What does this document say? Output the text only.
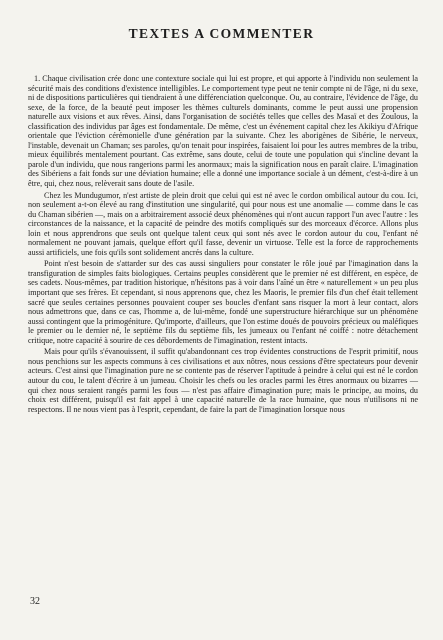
TEXTES A COMMENTER

1. Chaque civilisation crée donc une contexture sociale qui lui est propre, et qui apporte à l'individu non seulement la sécurité mais des conditions d'existence intelligibles. Le comportement type peut ne tenir compte ni de l'âge, ni du sexe, ni de dispositions particulières qui tiendraient à une différenciation quelconque. Ou, au contraire, l'évidence de l'âge, du sexe, de la force, de la beauté peut imposer les thèmes culturels dominants, comme le peut aussi une propension naturelle aux visions et aux rêves. Ainsi, dans l'organisation de sociétés telles que celles des Masaï et des Zoulous, la classification des individus par âges est fondamentale. De même, c'est un événement capital chez les Akikiyu d'Afrique orientale que l'éviction cérémonielle d'une génération par la suivante. Chez les aborigènes de Sibérie, le nerveux, l'instable, devenait un Chaman; ses paroles, qu'on tenait pour inspirées, faisaient loi pour les autres membres de la tribu, mieux équilibrés mentalement pourtant. Cas extrême, sans doute, celui de toute une population qui s'incline devant la parole d'un individu, que nous rangerions parmi les anormaux; mais la signification nous en paraît claire. L'imagination des Sibériens a fait fonds sur une déviation humaine; elle a donné une importance sociale à un dément, c'est-à-dire à un être, qui, chez nous, relèverait sans doute de l'asile.

Chez les Mundugumor, n'est artiste de plein droit que celui qui est né avec le cordon ombilical autour du cou. Ici, non seulement a-t-on élevé au rang d'institution une singularité, qui pour nous est une anomalie — comme dans le cas du Chaman sibérien —, mais on a arbitrairement associé deux phénomènes qui n'ont aucun rapport l'un avec l'autre : les circonstances de la naissance, et la capacité de peindre des motifs compliqués sur des morceaux d'écorce. Allons plus loin et nous apprendrons que seuls ont quelque talent ceux qui sont nés avec le cordon autour du cou, l'enfant né normalement ne pouvant jamais, quelque effort qu'il fasse, devenir un virtuose. Telle est la force de rapprochements aussi artificiels, une fois qu'ils sont solidement ancrés dans la culture.

Point n'est besoin de s'attarder sur des cas aussi singuliers pour constater le rôle joué par l'imagination dans la transfiguration de simples faits biologiques. Certains peuples considèrent que le premier né est différent, en espèce, de ses cadets. Nous-mêmes, par tradition historique, n'hésitons pas à voir dans l'aîné un être « naturellement » un peu plus important que ses frères. Et cependant, si nous apprenons que, chez les Maoris, le premier fils d'un chef était tellement sacré que seules certaines personnes pouvaient couper ses boucles d'enfant sans risquer la mort à leur contact, alors nous admettrons que, dans ce cas, l'homme a, de lui-même, fondé une superstructure hiérarchique sur un phénomène aussi contingent que la primogéniture. Qu'importe, d'ailleurs, que l'on estime doués de pouvoirs précieux ou maléfiques le premier ou le dernier né, le septième fils du septième fils, les jumeaux ou l'enfant né coiffé : notre détachement critique, notre capacité à sourire de ces débordements de l'imagination, restent intacts.

Mais pour qu'ils s'évanouissent, il suffit qu'abandonnant ces trop évidentes constructions de l'esprit primitif, nous nous penchions sur les aspects communs à ces civilisations et aux nôtres, nous cessions d'être spectateurs pour devenir acteurs. C'est ainsi que l'imagination pure ne se contente pas de réserver l'aptitude à peindre à celui qui est né le cordon autour du cou, le talent d'écrire à un jumeau. Choisir les chefs ou les oracles parmi les êtres anormaux ou bizarres — qui chez nous seraient rangés parmi les fous — n'est pas affaire d'imagination pure; mais le principe, au moins, du choix est différent, puisqu'il est fait appel à une capacité naturelle de la race humaine, que nous n'utilisons ni ne respectons. Il ne nous vient pas à l'esprit, cependant, de faire la part de l'imagination lorsque nous

32
